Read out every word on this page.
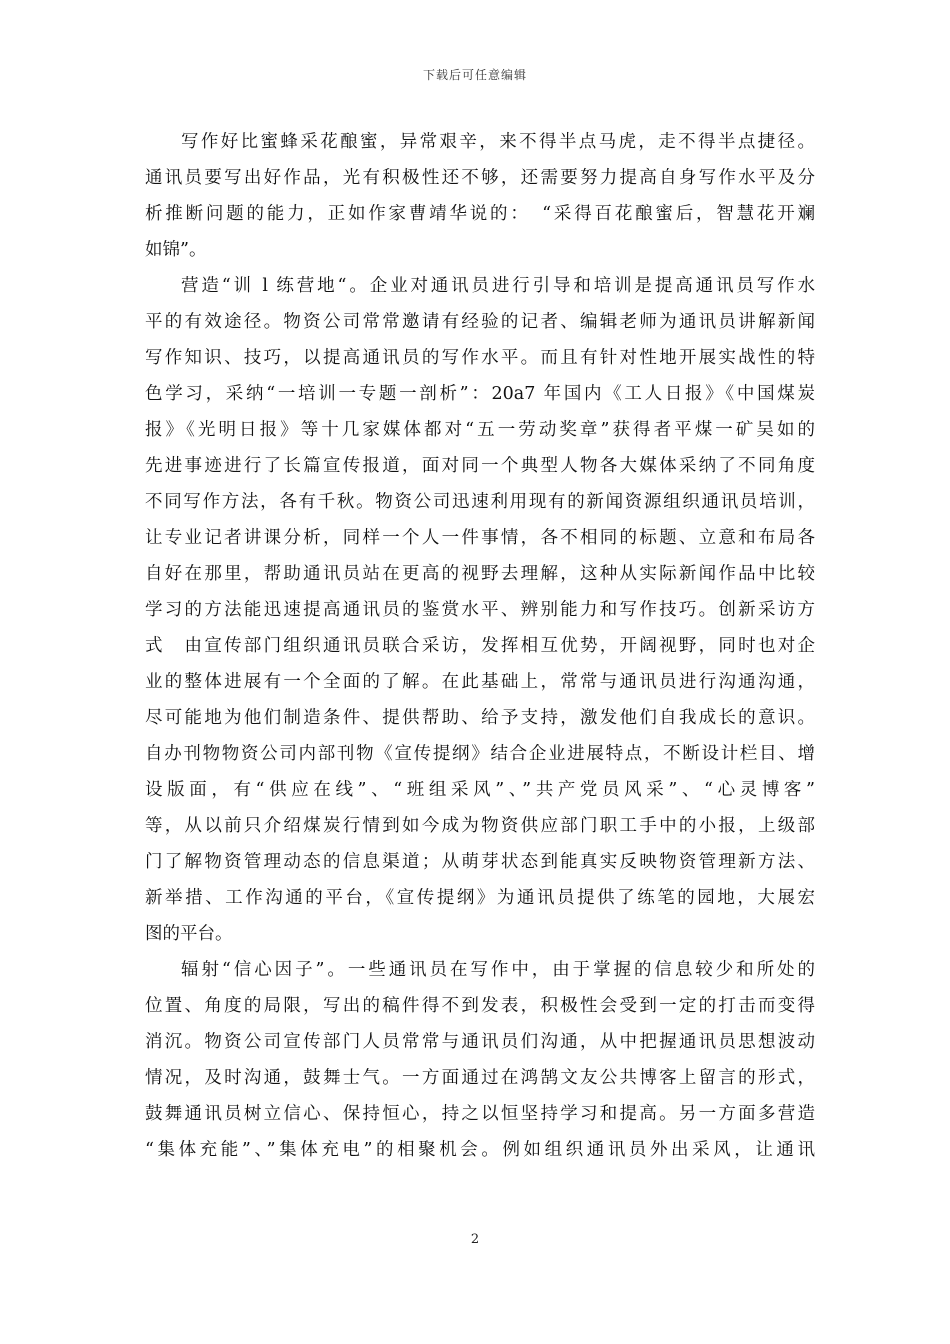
下载后可任意编辑
写作好比蜜蜂采花酿蜜，异常艰辛，来不得半点马虎，走不得半点捷径。
通讯员要写出好作品，光有积极性还不够，还需要努力提高自身写作水平及分
析推断问题的能力，正如作家曹靖华说的：　“采得百花酿蜜后，智慧花开斓
如锦”。
营造“训 l 练营地“。企业对通讯员进行引导和培训是提高通讯员写作水
平的有效途径。物资公司常常邀请有经验的记者、编辑老师为通讯员讲解新闻
写作知识、技巧，以提高通讯员的写作水平。而且有针对性地开展实战性的特
色学习，采纳“一培训一专题一剖析”：20a7 年国内《工人日报》《中国煤炭
报》《光明日报》等十几家媒体都对“五一劳动奖章”获得者平煤一矿吴如的
先进事迹进行了长篇宣传报道，面对同一个典型人物各大媒体采纳了不同角度
不同写作方法，各有千秋。物资公司迅速利用现有的新闻资源组织通讯员培训，
让专业记者讲课分析，同样一个人一件事情，各不相同的标题、立意和布局各
自好在那里，帮助通讯员站在更高的视野去理解，这种从实际新闻作品中比较
学习的方法能迅速提高通讯员的鉴赏水平、辨别能力和写作技巧。创新采访方
式　由宣传部门组织通讯员联合采访，发挥相互优势，开阔视野，同时也对企
业的整体进展有一个全面的了解。在此基础上，常常与通讯员进行沟通沟通，
尽可能地为他们制造条件、提供帮助、给予支持，激发他们自我成长的意识。
自办刊物物资公司内部刊物《宣传提纲》结合企业进展特点，不断设计栏目、增
设版面，有“供应在线”、“班组采风”、”共产党员风采”、“心灵博客”
等，从以前只介绍煤炭行情到如今成为物资供应部门职工手中的小报，上级部
门了解物资管理动态的信息渠道；从萌芽状态到能真实反映物资管理新方法、
新举措、工作沟通的平台，《宣传提纲》为通讯员提供了练笔的园地，大展宏
图的平台。
辐射“信心因子”。一些通讯员在写作中，由于掌握的信息较少和所处的
位置、角度的局限，写出的稿件得不到发表，积极性会受到一定的打击而变得
消沉。物资公司宣传部门人员常常与通讯员们沟通，从中把握通讯员思想波动
情况，及时沟通，鼓舞士气。一方面通过在鸿鹄文友公共博客上留言的形式，
鼓舞通讯员树立信心、保持恒心，持之以恒坚持学习和提高。另一方面多营造
“集体充能”、”集体充电”的相聚机会。例如组织通讯员外出采风，让通讯
2
